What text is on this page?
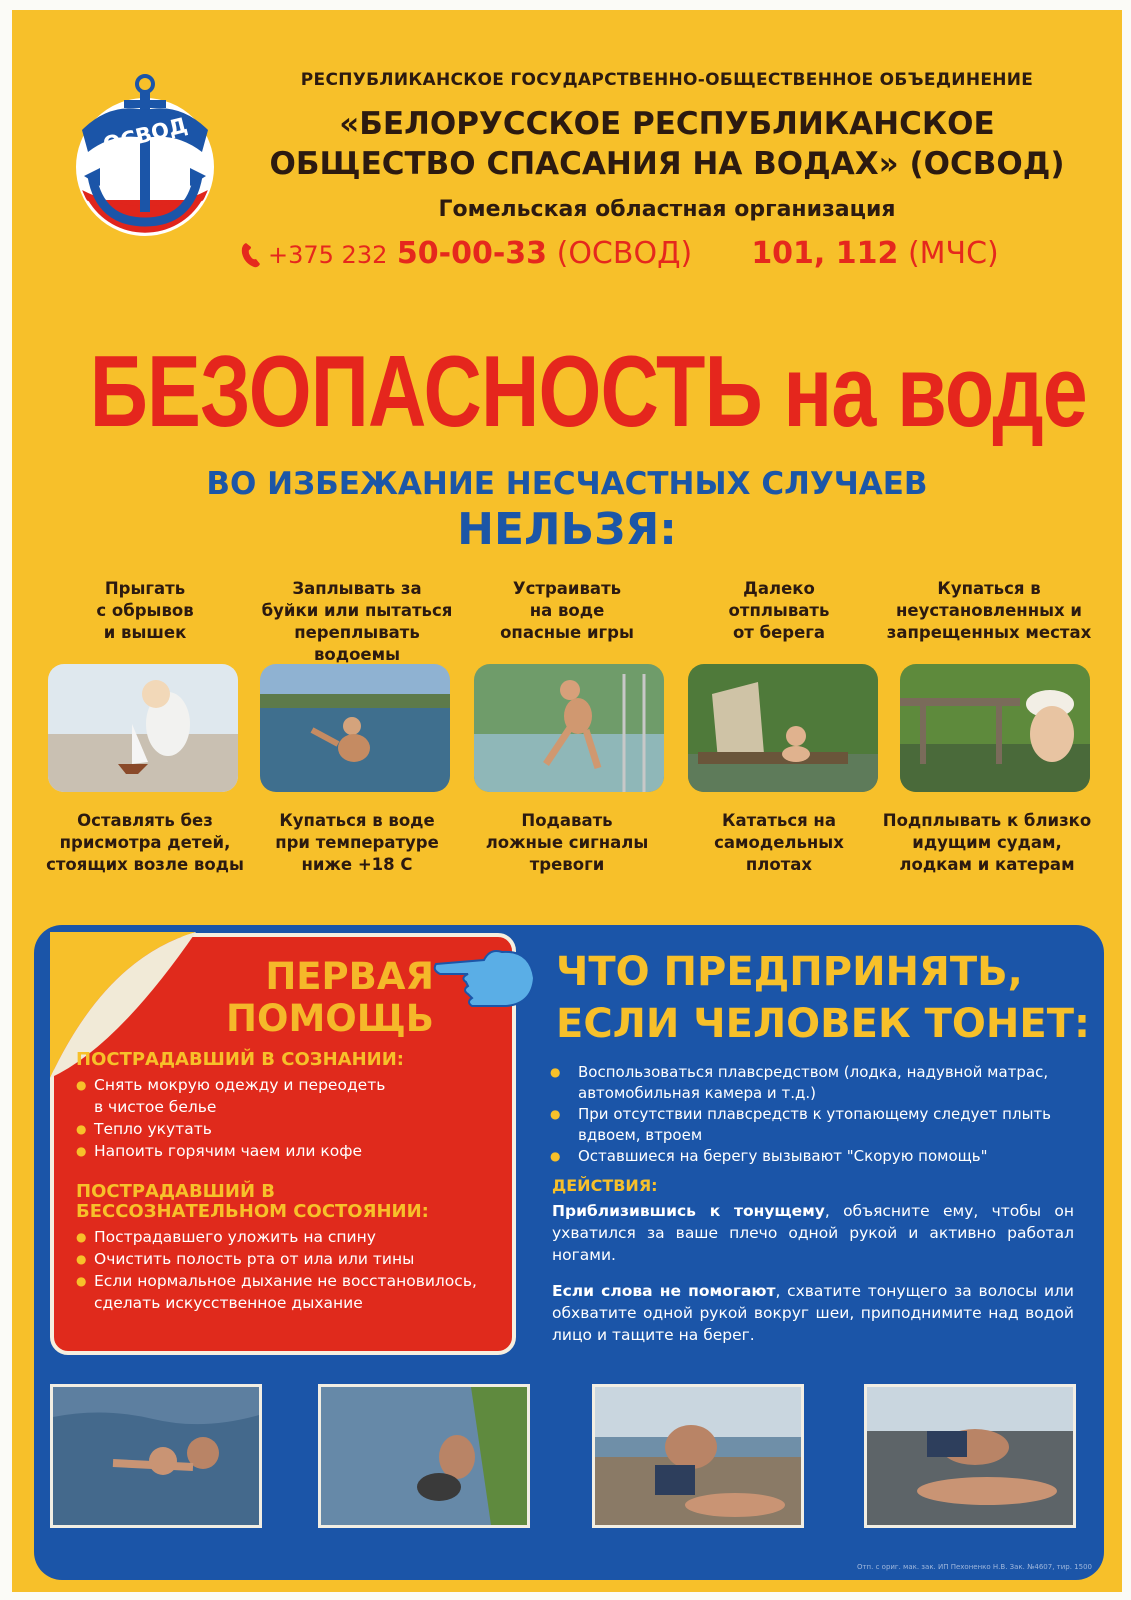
ОСВОД

РЕСПУБЛИКАНСКОЕ ГОСУДАРСТВЕННО-ОБЩЕСТВЕННОЕ ОБЪЕДИНЕНИЕ

«БЕЛОРУССКОЕ РЕСПУБЛИКАНСКОЕ
ОБЩЕСТВО СПАСАНИЯ НА ВОДАХ» (ОСВОД)

Гомельская областная организация

+375 232 50-00-33 (ОСВОД) 101, 112 (МЧС)
БЕЗОПАСНОСТЬ на воде

ВО ИЗБЕЖАНИЕ НЕСЧАСТНЫХ СЛУЧАЕВ

НЕЛЬЗЯ:

Прыгать
с обрывов
и вышек
Заплывать за
буйки или пытаться
переплывать водоемы
Устраивать
на воде
опасные игры
Далеко
отплывать
от берега
Купаться в
неустановленных и
запрещенных местах
Оставлять без
присмотра детей,
стоящих возле воды
Купаться в воде
при температуре
ниже +18 С
Подавать
ложные сигналы
тревоги
Кататься на
самодельных
плотах
Подплывать к близко
идущим судам,
лодкам и катерам

ПЕРВАЯ
ПОМОЩЬ

ПОСТРАДАВШИЙ В СОЗНАНИИ:

● Снять мокрую одежду и переодеть
в чистое белье
● Тепло укутать
● Напоить горячим чаем или кофе

ПОСТРАДАВШИЙ В
БЕССОЗНАТЕЛЬНОМ СОСТОЯНИИ:

● Пострадавшего уложить на спину
● Очистить полость рта от ила или тины
● Если нормальное дыхание не восстановилось,
сделать искусственное дыхание

ЧТО ПРЕДПРИНЯТЬ,
ЕСЛИ ЧЕЛОВЕК ТОНЕТ:

● Воспользоваться плавсредством (лодка, надувной матрас,
автомобильная камера и т.д.)
● При отсутствии плавсредств к утопающему следует плыть
вдвоем, втроем
● Оставшиеся на берегу вызывают "Скорую помощь"

ДЕЙСТВИЯ:

Приблизившись к тонущему, объясните ему, чтобы он ухватился за ваше плечо одной рукой и активно работал ногами.

Если слова не помогают, схватите тонущего за волосы или обхватите одной рукой вокруг шеи, приподнимите над водой лицо и тащите на берег.

Отп. с ориг. мак. зак. ИП Пехоненко Н.В. Зак. №4607, тир. 1500
